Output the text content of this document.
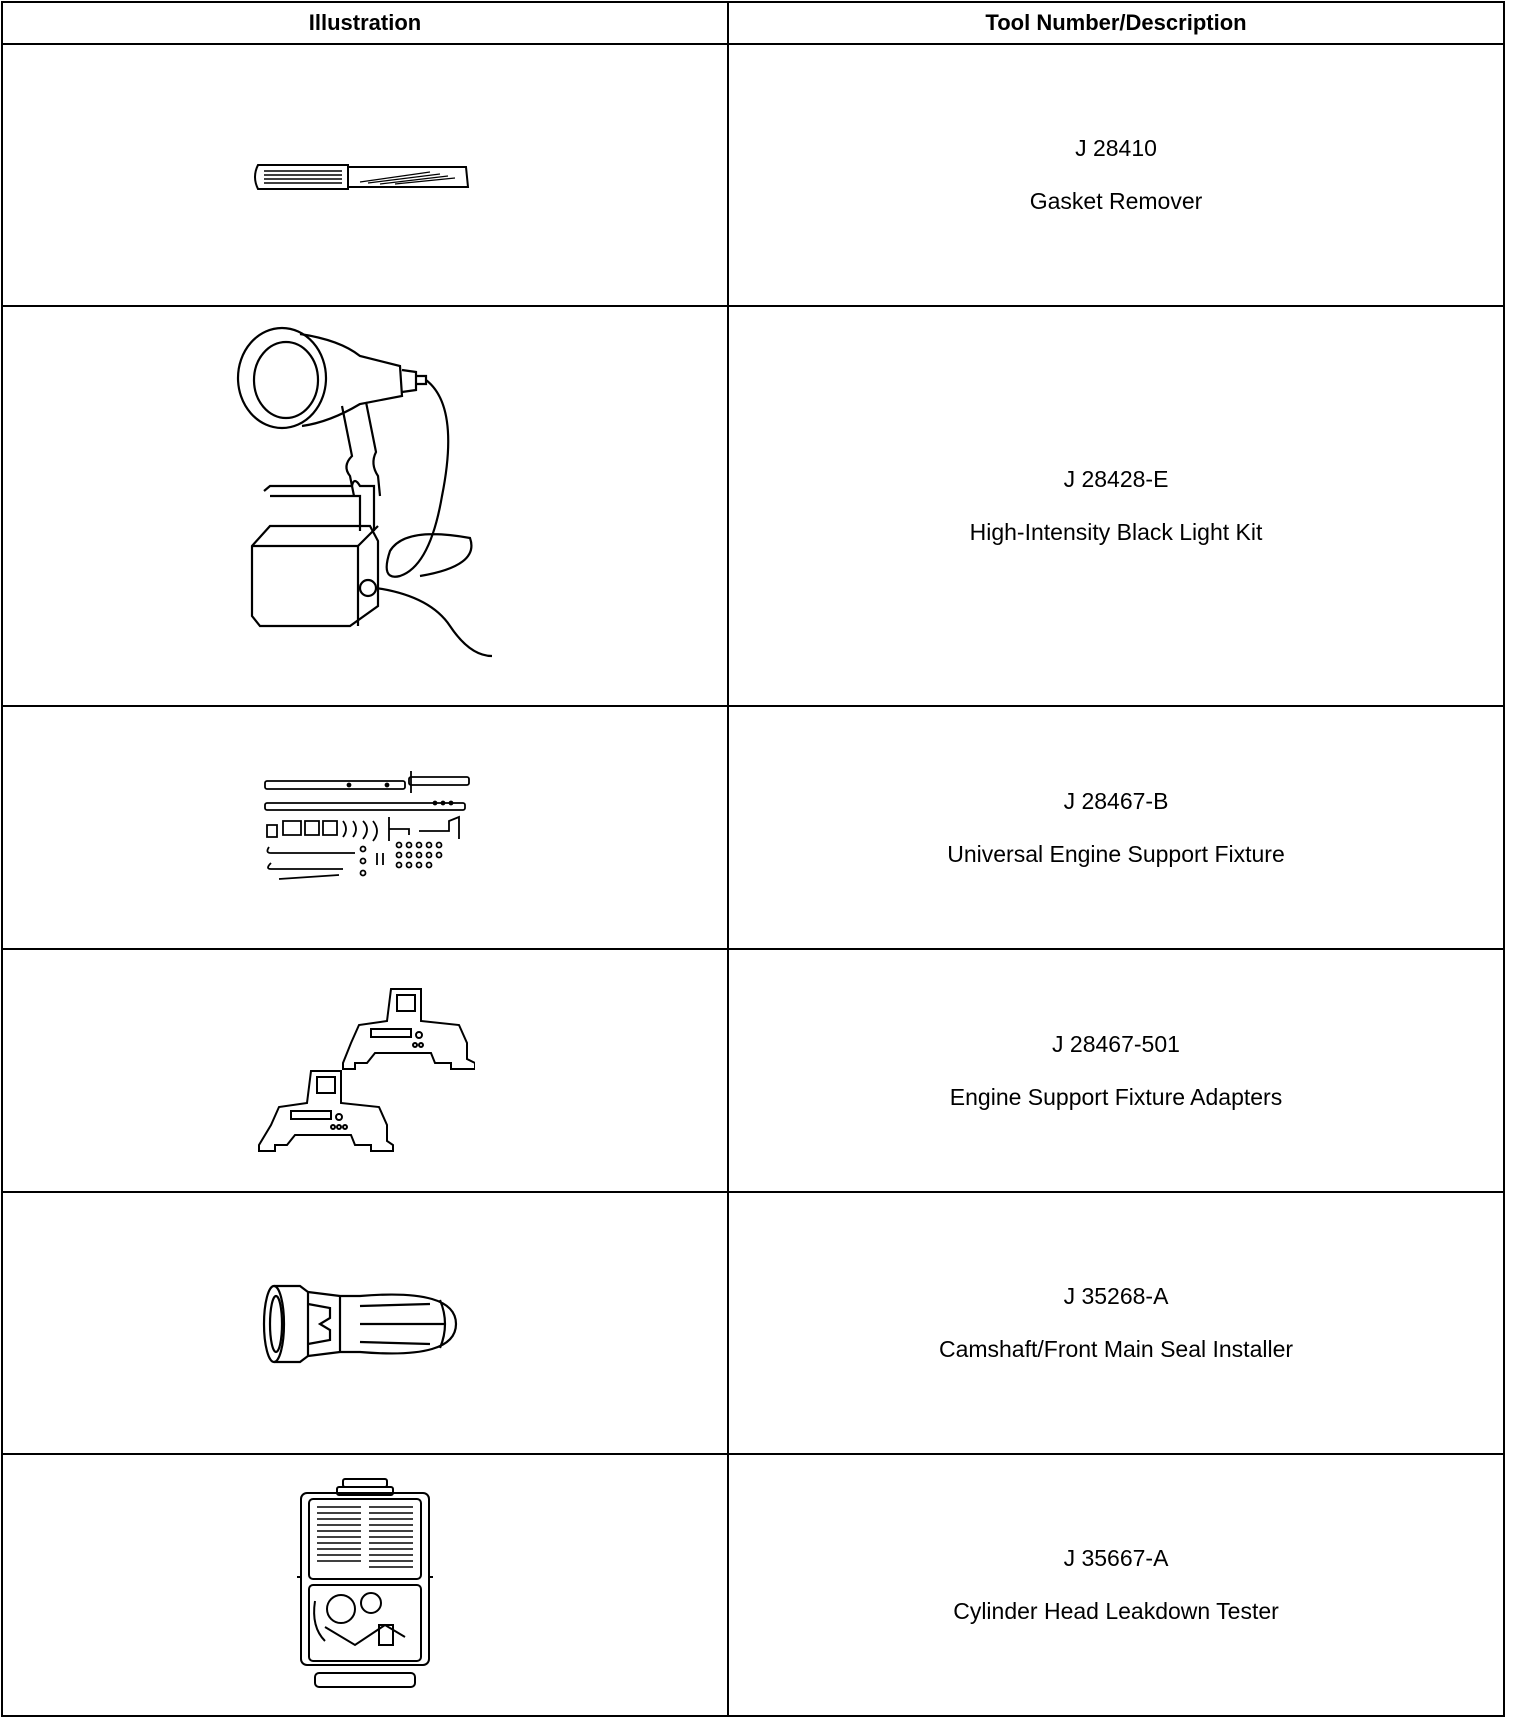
Illustration	Tool Number/Description

J 28410
Gasket Remover

J 28428-E
High-Intensity Black Light Kit

J 28467-B
Universal Engine Support Fixture

J 28467-501
Engine Support Fixture Adapters

J 35268-A
Camshaft/Front Main Seal Installer

J 35667-A
Cylinder Head Leakdown Tester
